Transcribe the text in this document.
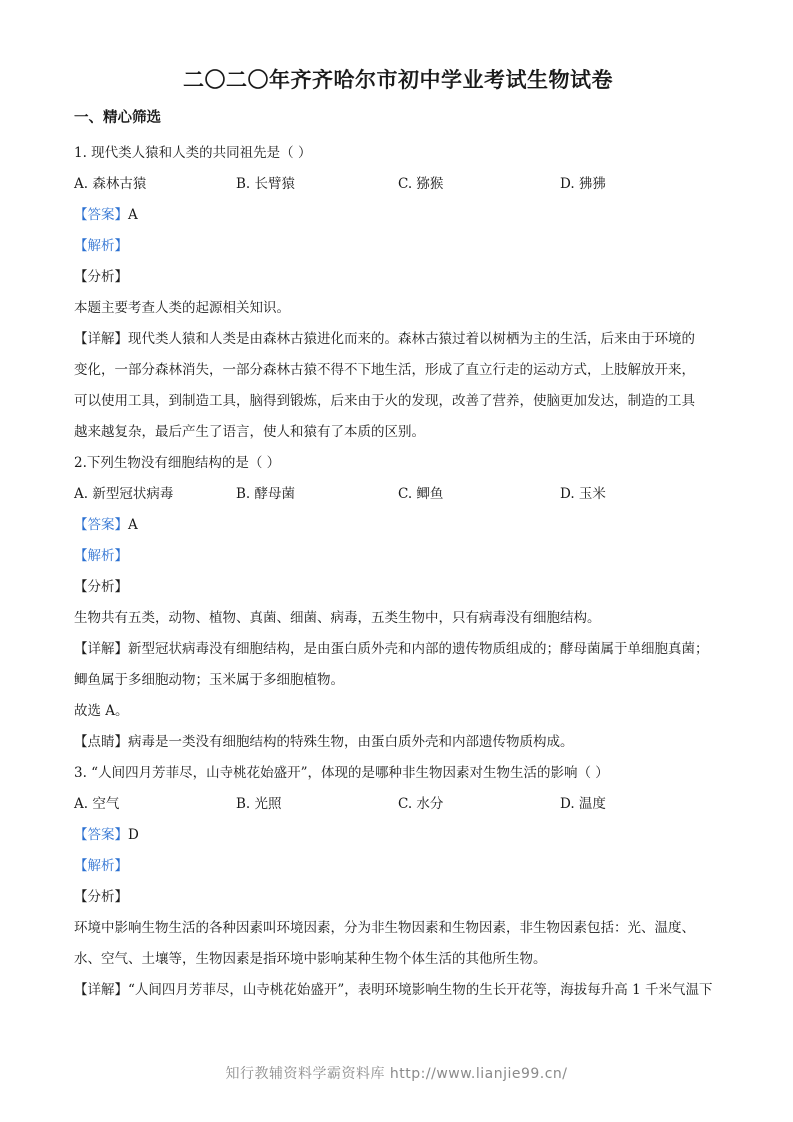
二〇二〇年齐齐哈尔市初中学业考试生物试卷
一、精心筛选
1. 现代类人猿和人类的共同祖先是（ ）
A. 森林古猿	B. 长臂猿	C. 猕猴	D. 狒狒
【答案】A
【解析】
【分析】
本题主要考查人类的起源相关知识。
【详解】现代类人猿和人类是由森林古猿进化而来的。森林古猿过着以树栖为主的生活，后来由于环境的
变化，一部分森林消失，一部分森林古猿不得不下地生活，形成了直立行走的运动方式，上肢解放开来，
可以使用工具，到制造工具，脑得到锻炼，后来由于火的发现，改善了营养，使脑更加发达，制造的工具
越来越复杂，最后产生了语言，使人和猿有了本质的区别。
2.下列生物没有细胞结构的是（ ）
A. 新型冠状病毒	B. 酵母菌	C. 鲫鱼	D. 玉米
【答案】A
【解析】
【分析】
生物共有五类，动物、植物、真菌、细菌、病毒，五类生物中，只有病毒没有细胞结构。
【详解】新型冠状病毒没有细胞结构，是由蛋白质外壳和内部的遗传物质组成的；酵母菌属于单细胞真菌；
鲫鱼属于多细胞动物；玉米属于多细胞植物。
故选 A。
【点睛】病毒是一类没有细胞结构的特殊生物，由蛋白质外壳和内部遗传物质构成。
3. “人间四月芳菲尽，山寺桃花始盛开”，体现的是哪种非生物因素对生物生活的影响（ ）
A. 空气	B. 光照	C. 水分	D. 温度
【答案】D
【解析】
【分析】
环境中影响生物生活的各种因素叫环境因素，分为非生物因素和生物因素，非生物因素包括：光、温度、
水、空气、土壤等，生物因素是指环境中影响某种生物个体生活的其他所生物。
【详解】“人间四月芳菲尽，山寺桃花始盛开”，表明环境影响生物的生长开花等，海拔每升高 1 千米气温下
知行教辅资料学霸资料库 http://www.lianjie99.cn/
